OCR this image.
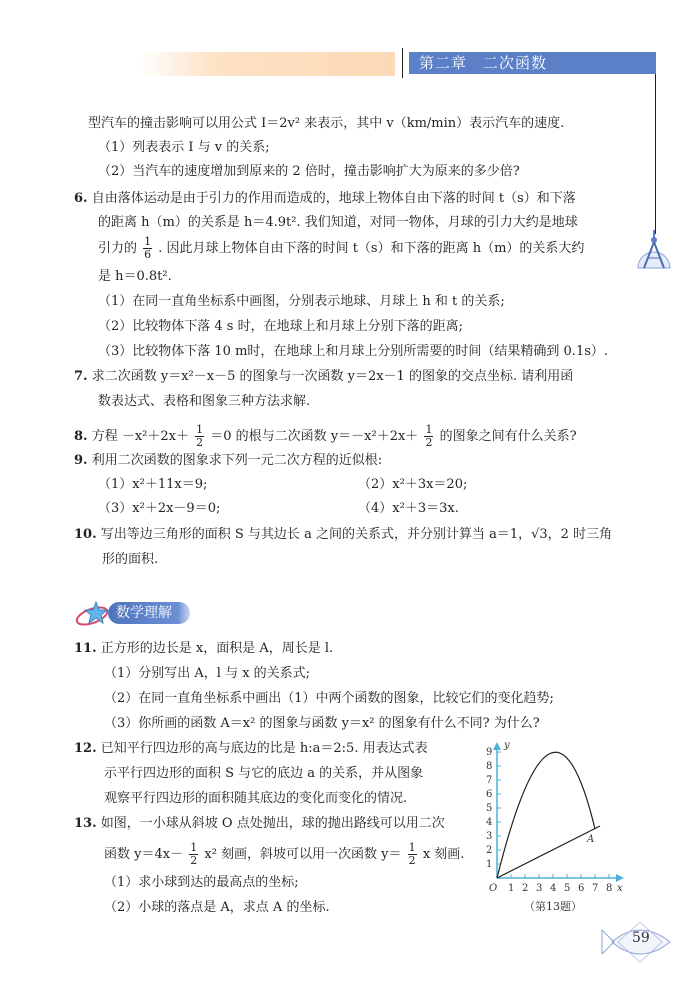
第二章　二次函数
型汽车的撞击影响可以用公式 I＝2v² 来表示，其中 v（km/min）表示汽车的速度.
（1）列表表示 I 与 v 的关系;
（2）当汽车的速度增加到原来的 2 倍时，撞击影响扩大为原来的多少倍?
6. 自由落体运动是由于引力的作用而造成的，地球上物体自由下落的时间 t（s）和下落
的距离 h（m）的关系是 h＝4.9t². 我们知道，对同一物体，月球的引力大约是地球
引力的 $\frac{1}{6}$ . 因此月球上物体自由下落的时间 t（s）和下落的距离 h（m）的关系大约
是 h＝0.8t².
（1）在同一直角坐标系中画图，分别表示地球、月球上 h 和 t 的关系;
（2）比较物体下落 4 s 时，在地球上和月球上分别下落的距离;
（3）比较物体下落 10 m时，在地球上和月球上分别所需要的时间（结果精确到 0.1s）.
7. 求二次函数 y＝x²－x－5 的图象与一次函数 y＝2x－1 的图象的交点坐标. 请利用函
数表达式、表格和图象三种方法求解.
8. 方程 $-x^2+2x+ \frac{1}{2} =0$ 的根与二次函数 $y=-x^2+2x+ \frac{1}{2}$ 的图象之间有什么关系?
9. 利用二次函数的图象求下列一元二次方程的近似根:
（1）x²＋11x＝9;	（2）x²＋3x＝20;
（3）x²＋2x－9＝0;	（4）x²＋3＝3x.
10. 写出等边三角形的面积 S 与其边长 a 之间的关系式，并分别计算当 a＝1，√3，2 时三角
形的面积.
数学理解
11. 正方形的边长是 x，面积是 A，周长是 l.
（1）分别写出 A，l 与 x 的关系式;
（2）在同一直角坐标系中画出（1）中两个函数的图象，比较它们的变化趋势;
（3）你所画的函数 A＝x² 的图象与函数 y＝x² 的图象有什么不同? 为什么?
12. 已知平行四边形的高与底边的比是 h:a＝2:5. 用表达式表
示平行四边形的面积 S 与它的底边 a 的关系，并从图象
观察平行四边形的面积随其底边的变化而变化的情况.
13. 如图，一小球从斜坡 O 点处抛出，球的抛出路线可以用二次
函数 $y=4x- \frac{1}{2} x^2$ 刻画，斜坡可以用一次函数 $y= \frac{1}{2}$ x 刻画.
（1）求小球到达的最高点的坐标;
（2）小球的落点是 A，求点 A 的坐标.
y
1
2
3
4
5
6
7
8
9
O 1 2 3 4 5 6 7 8 x
A
（第13题）
59
